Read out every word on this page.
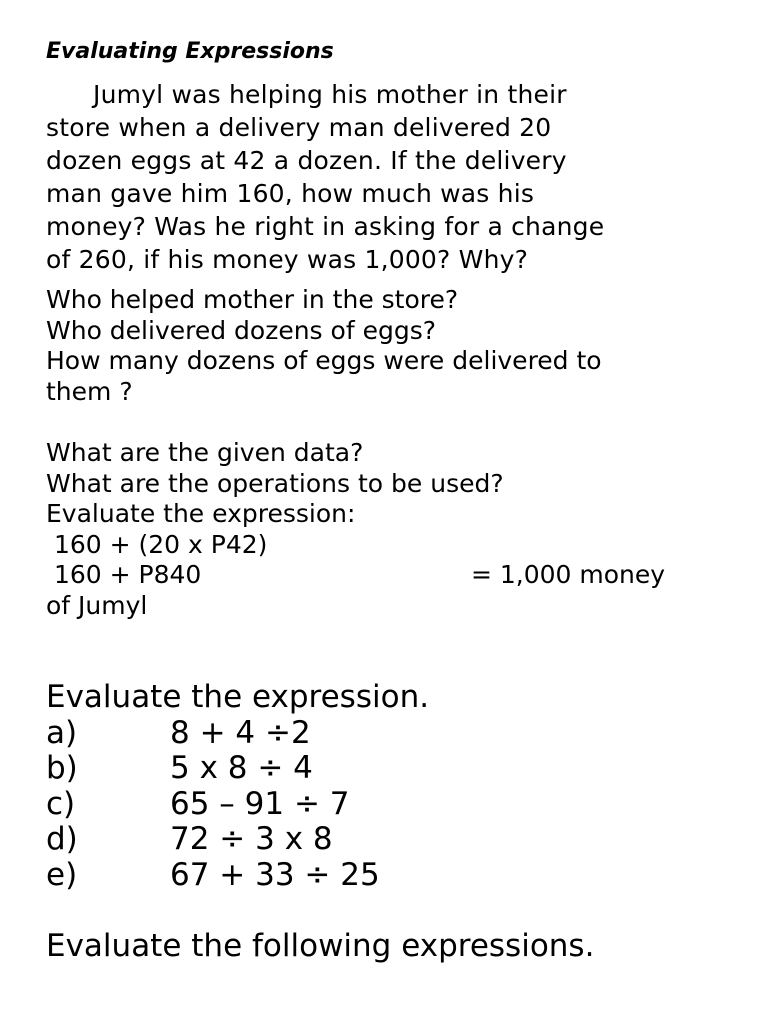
Evaluating Expressions
Jumyl was helping his mother in their
store when a delivery man delivered 20
dozen eggs at 42 a dozen. If the delivery
man gave him 160, how much was his
money? Was he right in asking for a change
of 260, if his money was 1,000? Why?
Who helped mother in the store?
Who delivered dozens of eggs?
How many dozens of eggs were delivered to
them ?
What are the given data?
What are the operations to be used?
Evaluate the expression:
160 + (20 x P42)
160 + P840	= 1,000 money
of Jumyl
Evaluate the expression.
a)	8 + 4 ÷2
b)	5 x 8 ÷ 4
c)	65 – 91 ÷ 7
d)	72 ÷ 3 x 8
e)	67 + 33 ÷ 25
Evaluate the following expressions.
